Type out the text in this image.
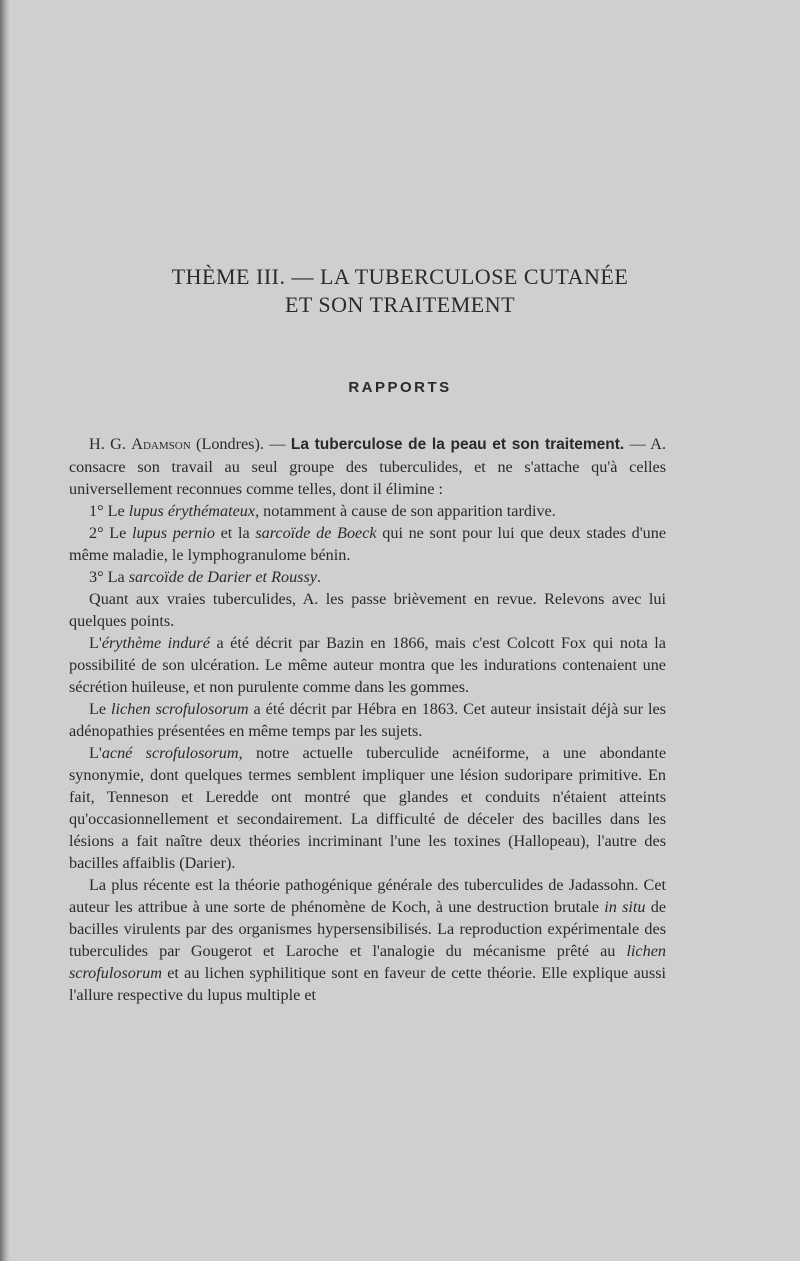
THÈME III. — LA TUBERCULOSE CUTANÉE
ET SON TRAITEMENT
RAPPORTS

H. G. Adamson (Londres). — La tuberculose de la peau et son traitement. — A. consacre son travail au seul groupe des tuberculides, et ne s'attache qu'à celles universellement reconnues comme telles, dont il élimine :

1° Le lupus érythémateux, notamment à cause de son apparition tardive.

2° Le lupus pernio et la sarcoïde de Boeck qui ne sont pour lui que deux stades d'une même maladie, le lymphogranulome bénin.

3° La sarcoïde de Darier et Roussy.

Quant aux vraies tuberculides, A. les passe brièvement en revue. Relevons avec lui quelques points.

L'érythème induré a été décrit par Bazin en 1866, mais c'est Colcott Fox qui nota la possibilité de son ulcération. Le même auteur montra que les indurations contenaient une sécrétion huileuse, et non purulente comme dans les gommes.

Le lichen scrofulosorum a été décrit par Hébra en 1863. Cet auteur insistait déjà sur les adénopathies présentées en même temps par les sujets.

L'acné scrofulosorum, notre actuelle tuberculide acnéiforme, a une abondante synonymie, dont quelques termes semblent impliquer une lésion sudoripare primitive. En fait, Tenneson et Leredde ont montré que glandes et conduits n'étaient atteints qu'occasionnellement et secondairement. La difficulté de déceler des bacilles dans les lésions a fait naître deux théories incriminant l'une les toxines (Hallopeau), l'autre des bacilles affaiblis (Darier).

La plus récente est la théorie pathogénique générale des tuberculides de Jadassohn. Cet auteur les attribue à une sorte de phénomène de Koch, à une destruction brutale in situ de bacilles virulents par des organismes hypersensibilisés. La reproduction expérimentale des tuberculides par Gougerot et Laroche et l'analogie du mécanisme prêté au lichen scrofulosorum et au lichen syphilitique sont en faveur de cette théorie. Elle explique aussi l'allure respective du lupus multiple et
